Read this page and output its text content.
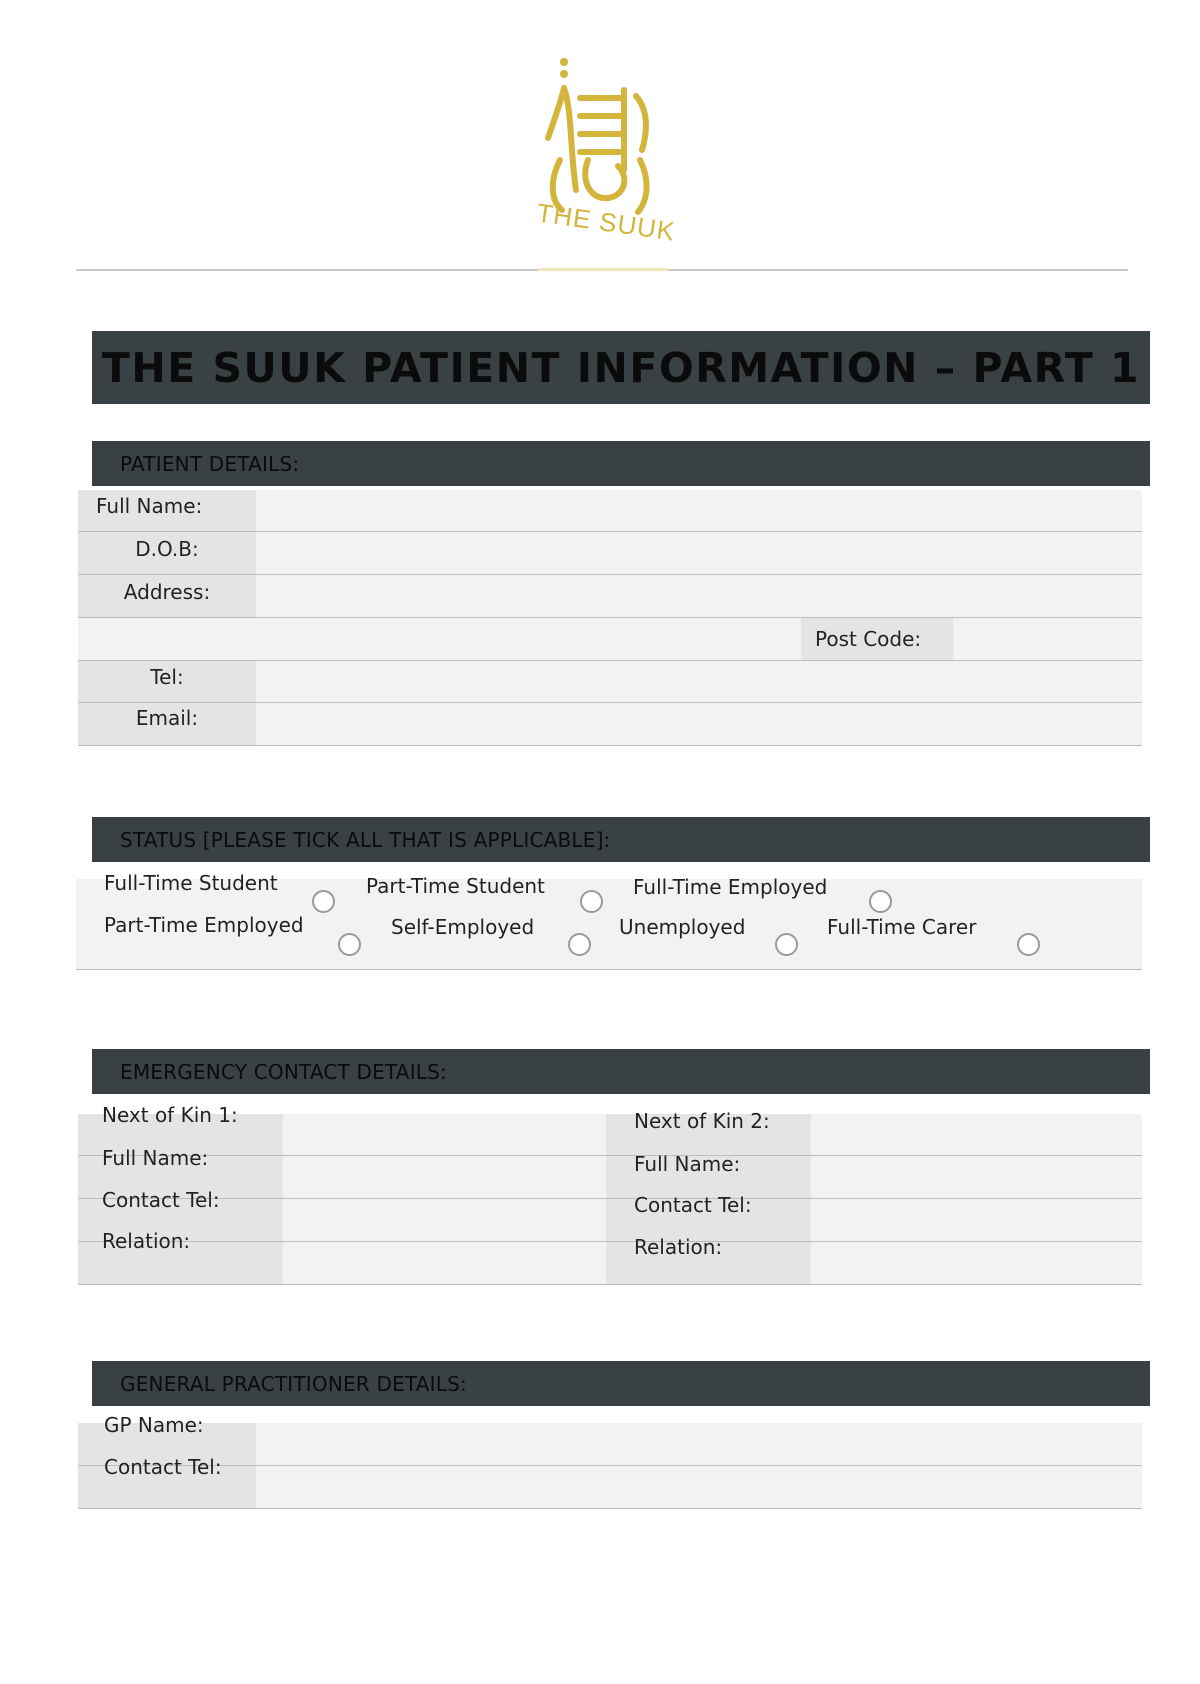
THE SUUK
THE SUUK PATIENT INFORMATION – PART 1
PATIENT DETAILS:
Full Name:
D.O.B:
Address:
Post Code:
Tel:
Email:
STATUS [PLEASE TICK ALL THAT IS APPLICABLE]:
Full-Time Student	Part-Time Student	Full-Time Employed
Part-Time Employed	Self-Employed	Unemployed	Full-Time Carer
EMERGENCY CONTACT DETAILS:
Next of Kin 1:
Full Name:
Contact Tel:
Relation:
Next of Kin 2:
Full Name:
Contact Tel:
Relation:
GENERAL PRACTITIONER DETAILS:
GP Name:
Contact Tel:
